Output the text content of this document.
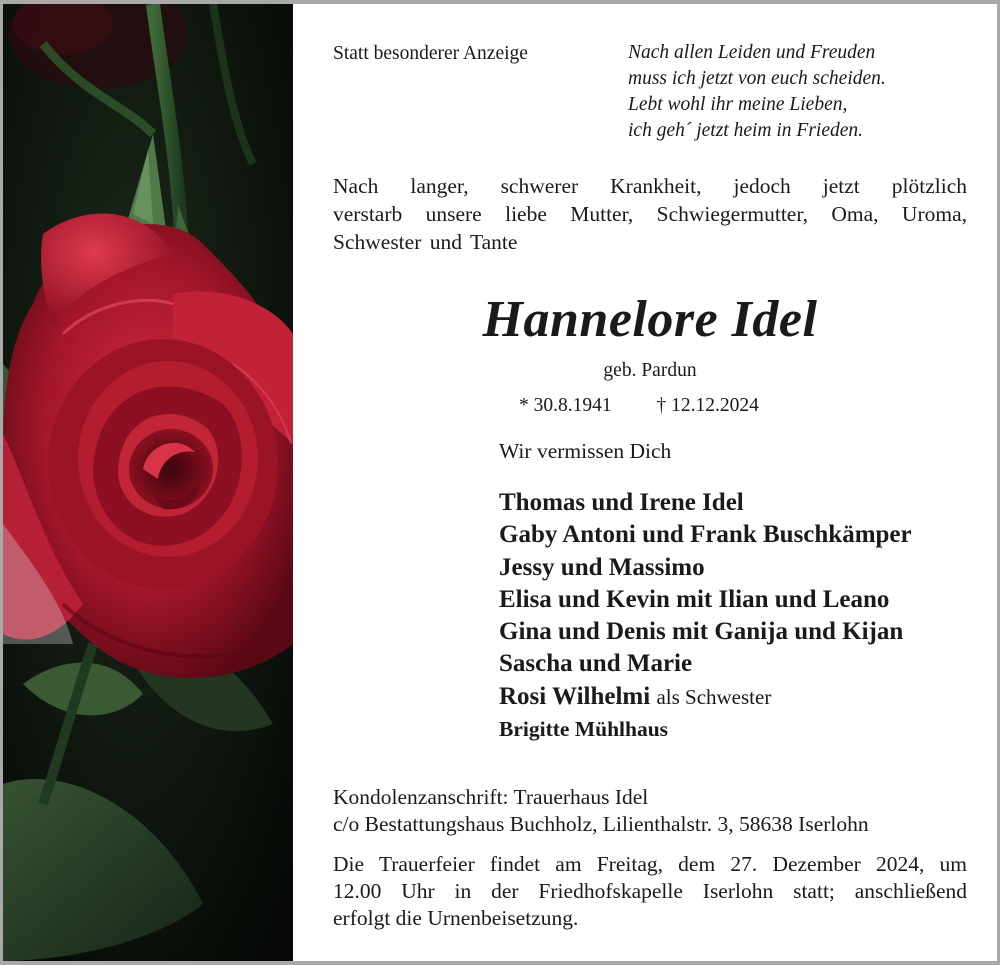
Statt besonderer Anzeige	Nach allen Leiden und Freuden
muss ich jetzt von euch scheiden.
Lebt wohl ihr meine Lieben,
ich geh´ jetzt heim in Frieden.
Nach langer, schwerer Krankheit, jedoch jetzt plötzlich
verstarb unsere liebe Mutter, Schwiegermutter, Oma, Uroma,
Schwester und Tante
Hannelore Idel
geb. Pardun
* 30.8.1941 † 12.12.2024
Wir vermissen Dich
Thomas und Irene Idel
Gaby Antoni und Frank Buschkämper
Jessy und Massimo
Elisa und Kevin mit Ilian und Leano
Gina und Denis mit Ganija und Kijan
Sascha und Marie
Rosi Wilhelmi als Schwester
Brigitte Mühlhaus
Kondolenzanschrift: Trauerhaus Idel
c/o Bestattungshaus Buchholz, Lilienthalstr. 3, 58638 Iserlohn
Die Trauerfeier findet am Freitag, dem 27. Dezember 2024, um
12.00 Uhr in der Friedhofskapelle Iserlohn statt; anschließend
erfolgt die Urnenbeisetzung.
